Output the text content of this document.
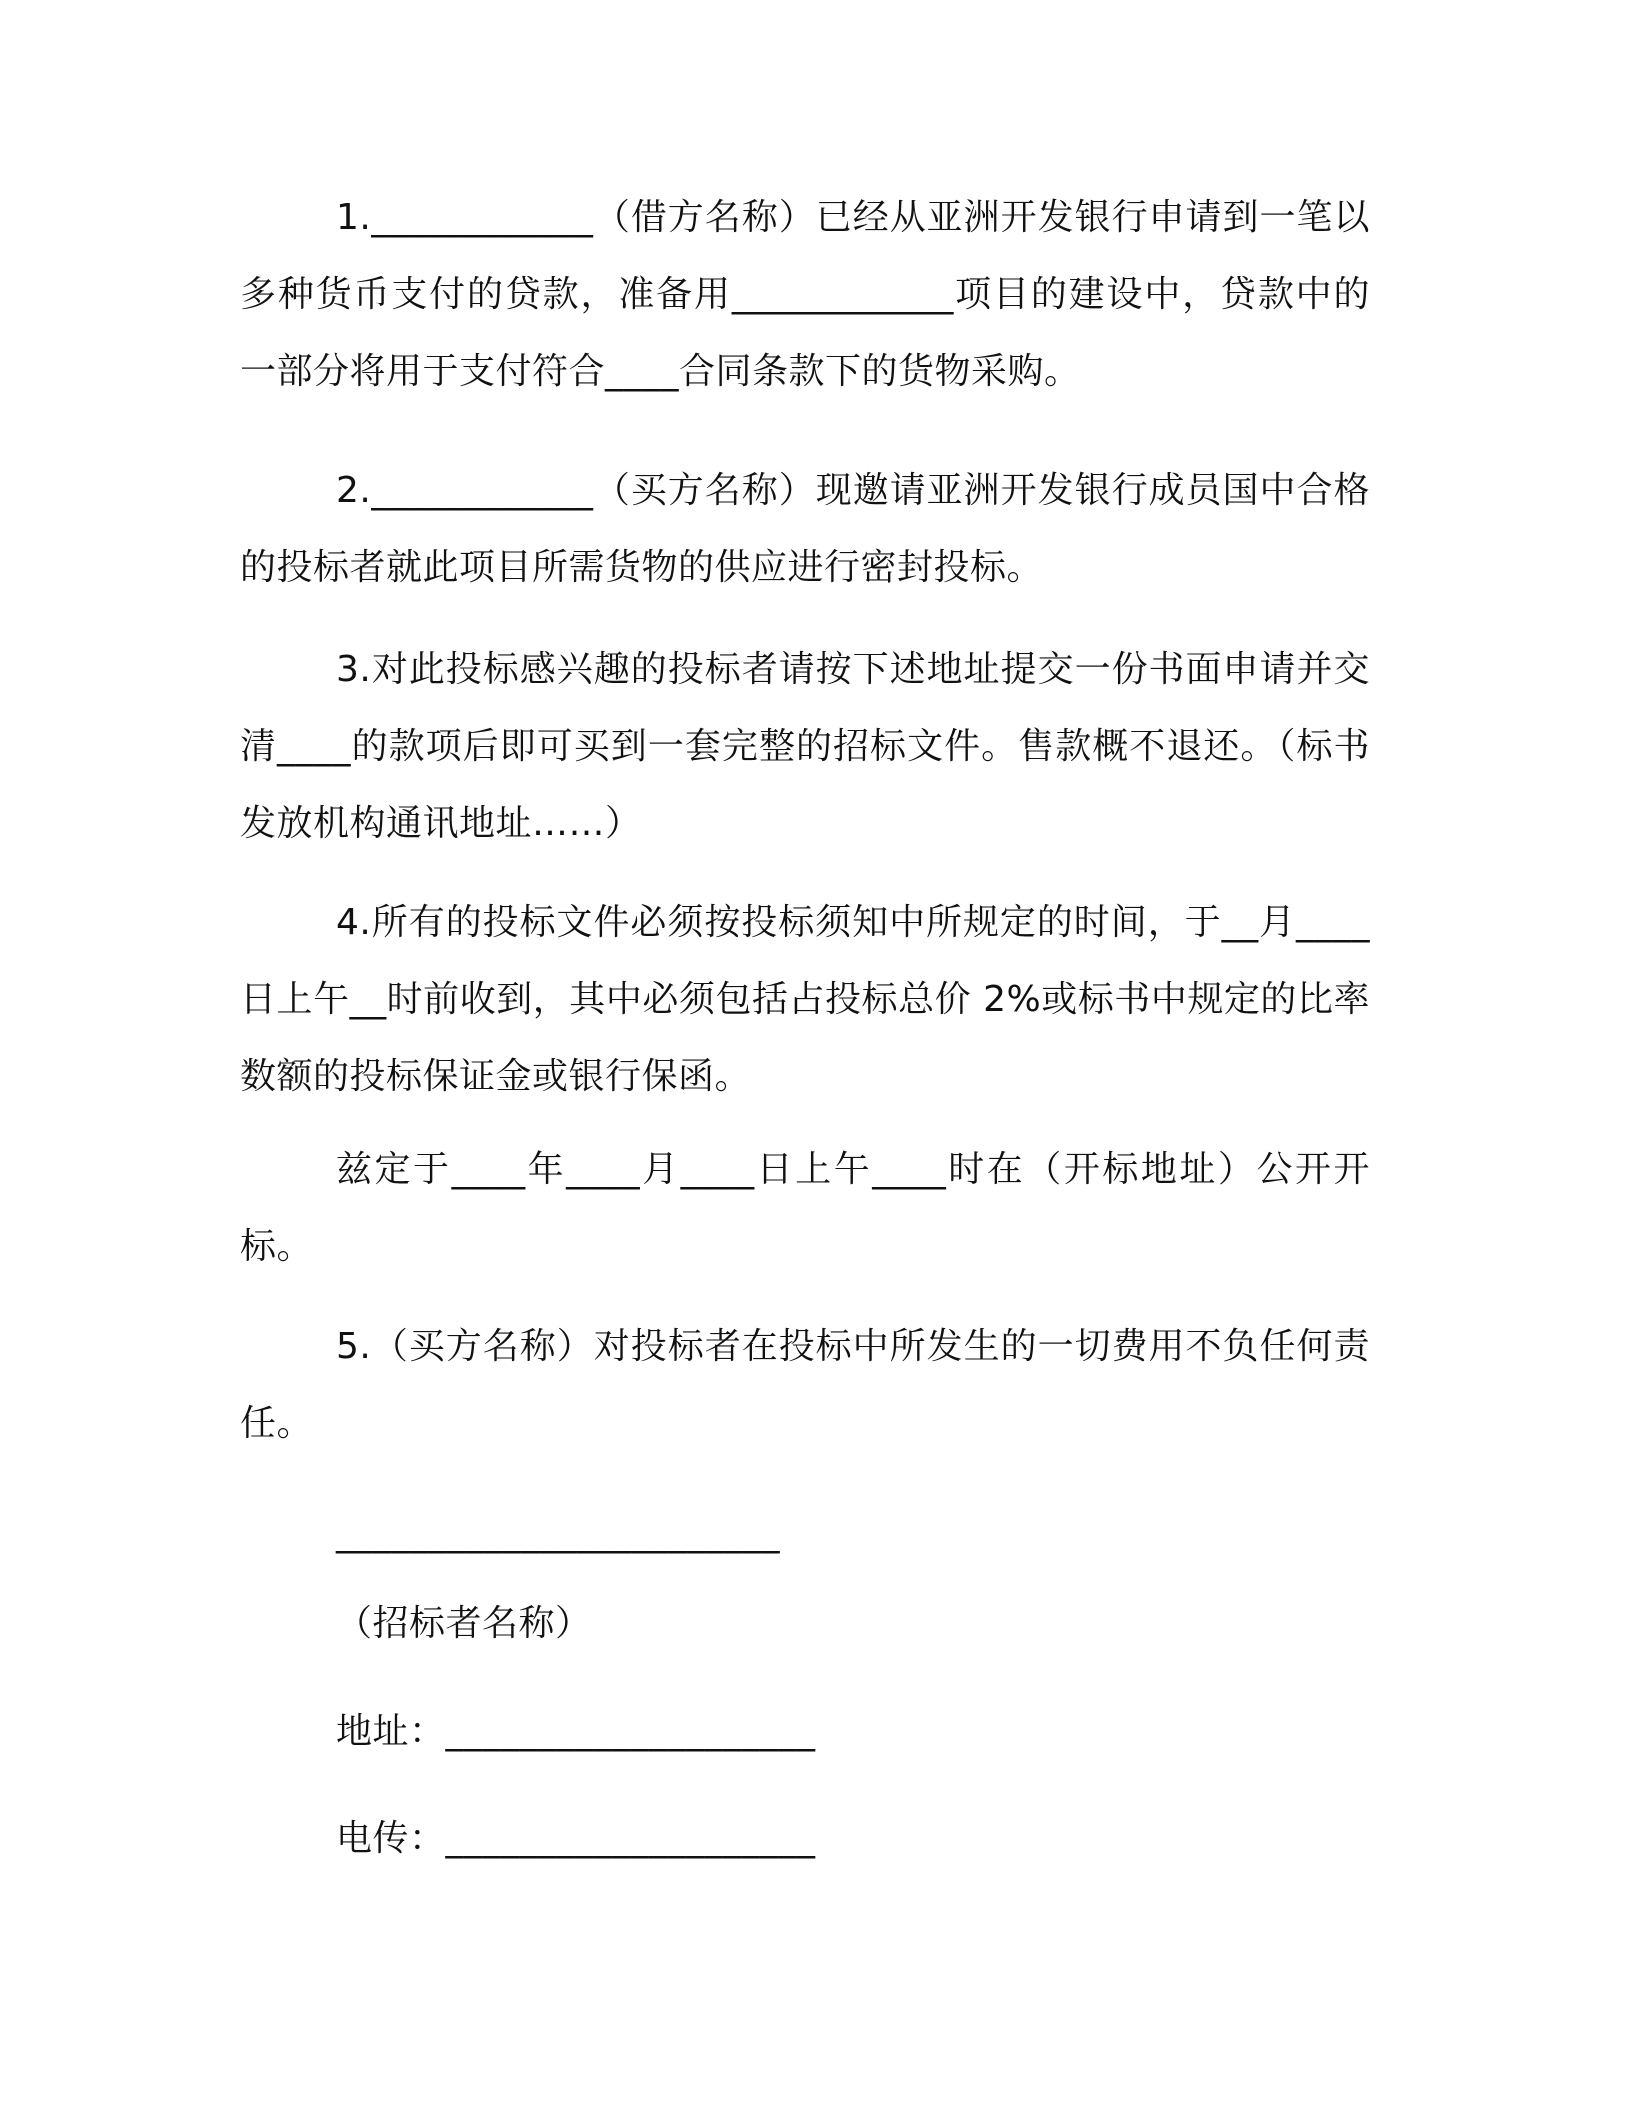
1.____________（借方名称）已经从亚洲开发银行申请到一笔以多种货币支付的贷款，准备用____________项目的建设中，贷款中的一部分将用于支付符合____合同条款下的货物采购。

2.____________（买方名称）现邀请亚洲开发银行成员国中合格的投标者就此项目所需货物的供应进行密封投标。

3.对此投标感兴趣的投标者请按下述地址提交一份书面申请并交清____的款项后即可买到一套完整的招标文件。售款概不退还。（标书发放机构通讯地址……）

4.所有的投标文件必须按投标须知中所规定的时间，于__月____日上午__时前收到，其中必须包括占投标总价 2%或标书中规定的比率数额的投标保证金或银行保函。

兹定于____年____月____日上午____时在（开标地址）公开开标。

5.（买方名称）对投标者在投标中所发生的一切费用不负任何责任。

________________________

（招标者名称）

地址：____________________

电传：____________________
